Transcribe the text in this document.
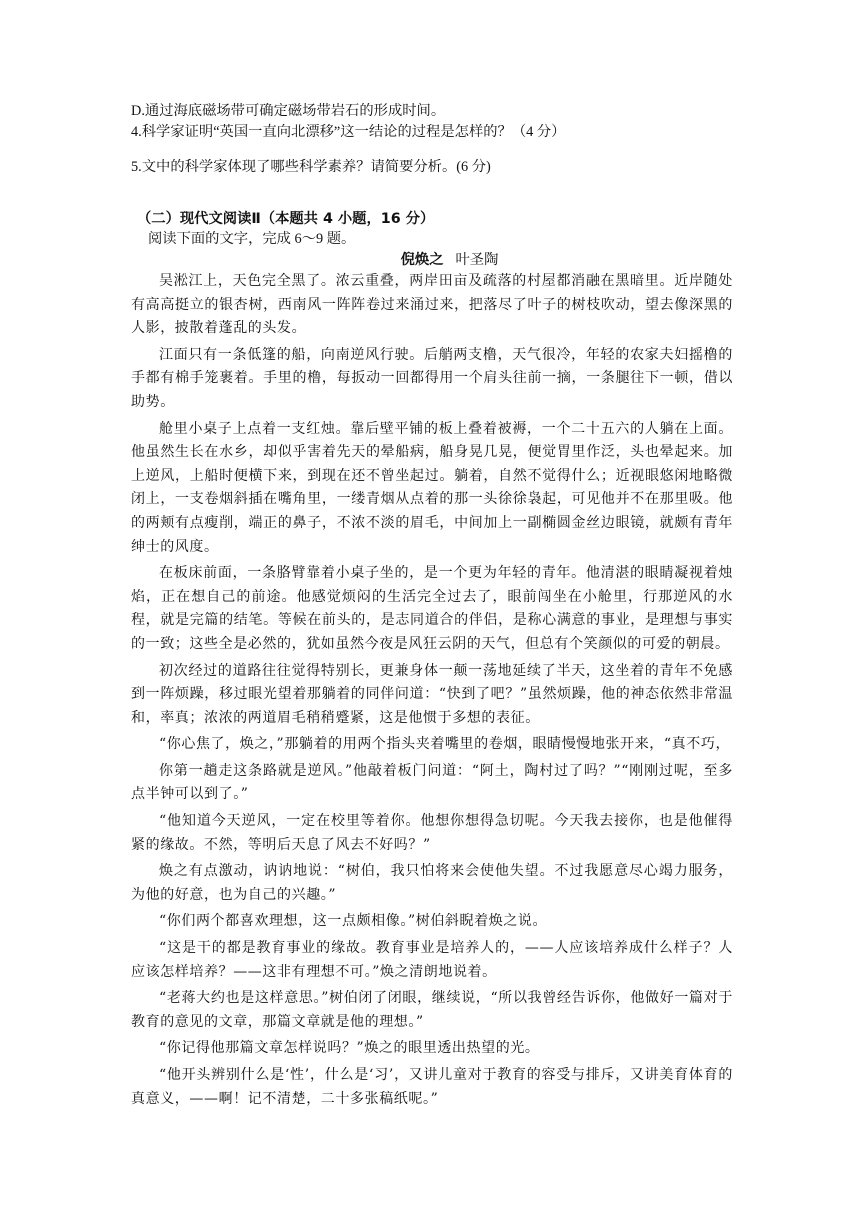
D.通过海底磁场带可确定磁场带岩石的形成时间。
4.科学家证明“英国一直向北漂移”这一结论的过程是怎样的？（4 分）
5.文中的科学家体现了哪些科学素养？请简要分析。(6 分)
（二）现代文阅读Ⅱ（本题共 4 小题，16 分）
阅读下面的文字，完成 6～9 题。
倪焕之 叶圣陶

吴淞江上，天色完全黑了。浓云重叠，两岸田亩及疏落的村屋都消融在黑暗里。近岸随处有高高挺立的银杏树，西南风一阵阵卷过来涌过来，把落尽了叶子的树枝吹动，望去像深黑的人影，披散着蓬乱的头发。

江面只有一条低篷的船，向南逆风行驶。后艄两支橹，天气很冷，年轻的农家夫妇摇橹的手都有棉手笼裹着。手里的橹，每扳动一回都得用一个肩头往前一摘，一条腿往下一顿，借以助势。

舱里小桌子上点着一支红烛。靠后壁平铺的板上叠着被褥，一个二十五六的人躺在上面。他虽然生长在水乡，却似乎害着先天的晕船病，船身晃几晃，便觉胃里作泛，头也晕起来。加上逆风，上船时便横下来，到现在还不曾坐起过。躺着，自然不觉得什么；近视眼悠闲地略微闭上，一支卷烟斜插在嘴角里，一缕青烟从点着的那一头徐徐袅起，可见他并不在那里吸。他的两颊有点瘦削，端正的鼻子，不浓不淡的眉毛，中间加上一副椭圆金丝边眼镜，就颇有青年绅士的风度。

在板床前面，一条胳臂靠着小桌子坐的，是一个更为年轻的青年。他清湛的眼睛凝视着烛焰，正在想自己的前途。他感觉烦闷的生活完全过去了，眼前闯坐在小舱里，行那逆风的水程，就是完篇的结笔。等候在前头的，是志同道合的伴侣，是称心满意的事业，是理想与事实的一致；这些全是必然的，犹如虽然今夜是风狂云阴的天气，但总有个笑颜似的可爱的朝晨。

初次经过的道路往往觉得特别长，更兼身体一颠一荡地延续了半天，这坐着的青年不免感到一阵烦躁，移过眼光望着那躺着的同伴问道：“快到了吧？”虽然烦躁，他的神态依然非常温和，率真；浓浓的两道眉毛稍稍蹙紧，这是他惯于多想的表征。

“你心焦了，焕之，”那躺着的用两个指头夹着嘴里的卷烟，眼睛慢慢地张开来，“真不巧，

你第一趟走这条路就是逆风。”他敲着板门问道：“阿土，陶村过了吗？”“刚刚过呢，至多点半钟可以到了。”

“他知道今天逆风，一定在校里等着你。他想你想得急切呢。今天我去接你，也是他催得紧的缘故。不然，等明后天息了风去不好吗？”

焕之有点激动，讷讷地说：“树伯，我只怕将来会使他失望。不过我愿意尽心竭力服务，为他的好意，也为自己的兴趣。”

“你们两个都喜欢理想，这一点颇相像。”树伯斜睨着焕之说。

“这是干的都是教育事业的缘故。教育事业是培养人的，——人应该培养成什么样子？人应该怎样培养？——这非有理想不可。”焕之清朗地说着。

“老蒋大约也是这样意思。”树伯闭了闭眼，继续说，“所以我曾经告诉你，他做好一篇对于教育的意见的文章，那篇文章就是他的理想。”

“你记得他那篇文章怎样说吗？”焕之的眼里透出热望的光。

“他开头辨别什么是‘性’，什么是‘习’，又讲儿童对于教育的容受与排斥，又讲美育体育的真意义，——啊！记不清楚，二十多张稿纸呢。”
